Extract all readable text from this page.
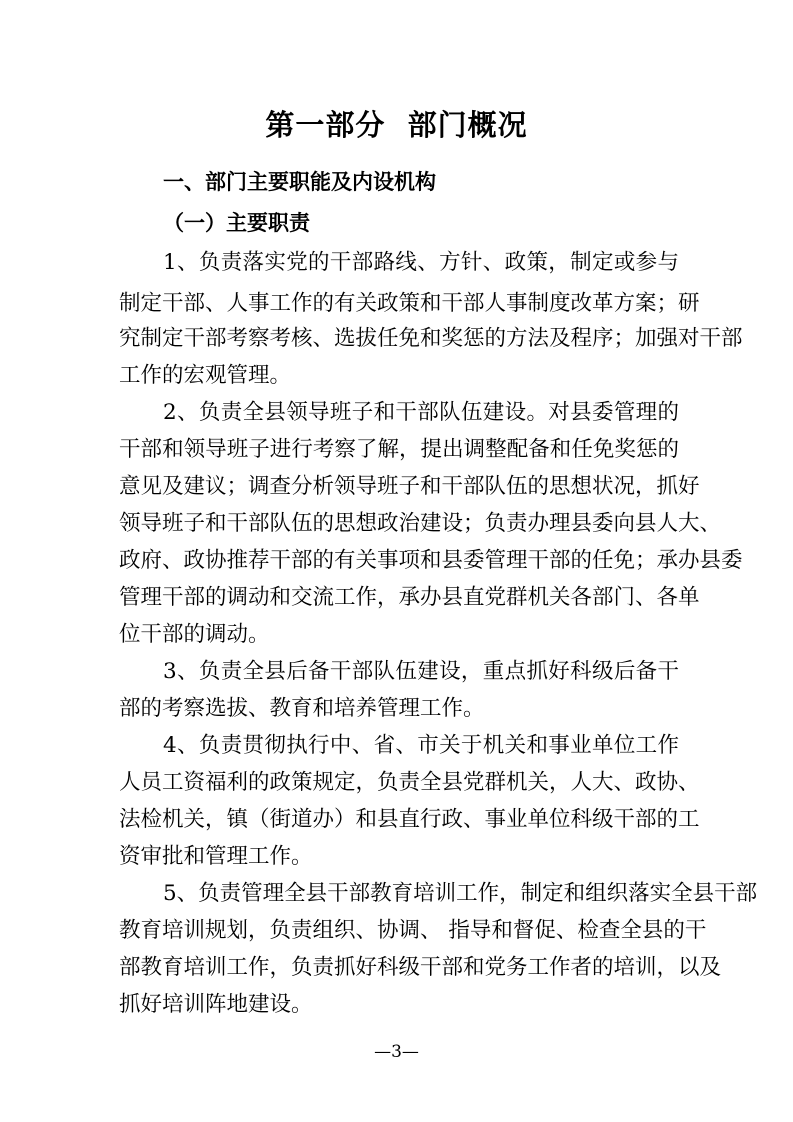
第一部分  部门概况
一、部门主要职能及内设机构
（一）主要职责
1、负责落实党的干部路线、方针、政策，制定或参与
制定干部、人事工作的有关政策和干部人事制度改革方案；研
究制定干部考察考核、选拔任免和奖惩的方法及程序；加强对干部
工作的宏观管理。
2、负责全县领导班子和干部队伍建设。对县委管理的
干部和领导班子进行考察了解，提出调整配备和任免奖惩的
意见及建议；调查分析领导班子和干部队伍的思想状况，抓好
领导班子和干部队伍的思想政治建设；负责办理县委向县人大、
政府、政协推荐干部的有关事项和县委管理干部的任免；承办县委
管理干部的调动和交流工作，承办县直党群机关各部门、各单
位干部的调动。
3、负责全县后备干部队伍建设，重点抓好科级后备干
部的考察选拔、教育和培养管理工作。
4、负责贯彻执行中、省、市关于机关和事业单位工作
人员工资福利的政策规定，负责全县党群机关，人大、政协、
法检机关，镇（街道办）和县直行政、事业单位科级干部的工
资审批和管理工作。
5、负责管理全县干部教育培训工作，制定和组织落实全县干部
教育培训规划，负责组织、协调、 指导和督促、检查全县的干
部教育培训工作，负责抓好科级干部和党务工作者的培训，以及
抓好培训阵地建设。
—3—
